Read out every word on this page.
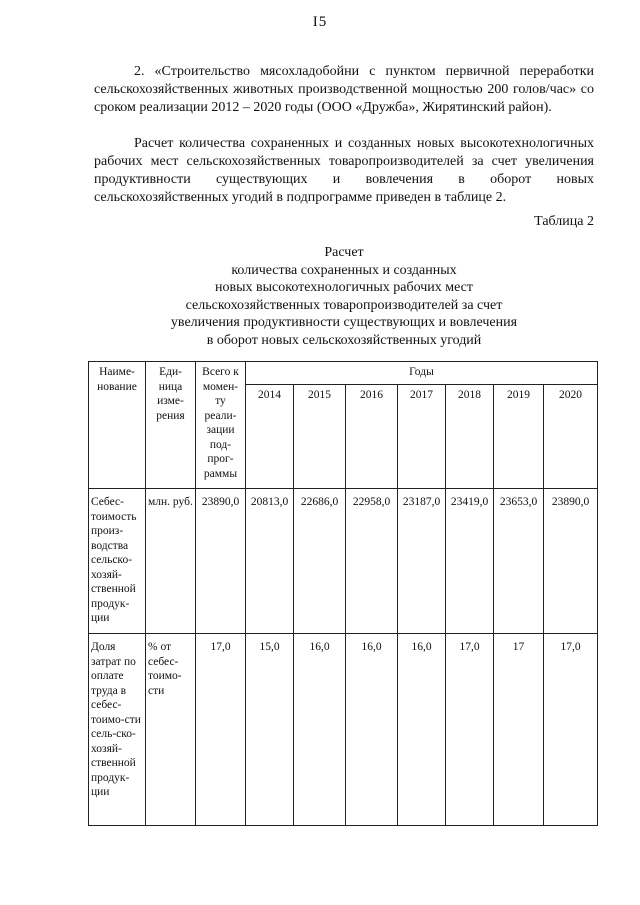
I5
2. «Строительство мясохладобойни с пунктом первичной переработки сельскохозяйственных животных производственной мощностью 200 голов/час» со сроком реализации 2012 – 2020 годы (ООО «Дружба», Жирятинский район).
Расчет количества сохраненных и созданных новых высокотехнологичных рабочих мест сельскохозяйственных товаропроизводителей за счет увеличения продуктивности существующих и вовлечения в оборот новых сельскохозяйственных угодий в подпрограмме приведен в таблице 2.
Таблица 2
Расчет
количества сохраненных и созданных
новых высокотехнологичных рабочих мест
сельскохозяйственных товаропроизводителей за счет
увеличения продуктивности существующих и вовлечения
в оборот новых сельскохозяйственных угодий
Наиме-нование	Еди-ница изме-рения	Всего к момен-ту реали-зации под-прог-раммы	Годы						
			2014	2015	2016	2017	2018	2019	2020
Себес-тоимость произ-водства сельско-хозяй-ственной продук-ции	млн. руб.	23890,0	20813,0	22686,0	22958,0	23187,0	23419,0	23653,0	23890,0
Доля затрат по оплате труда в себес-тоимо-сти сель-ско-хозяй-ственной продук-ции	% от себес-тоимо-сти	17,0	15,0	16,0	16,0	16,0	17,0	17	17,0
